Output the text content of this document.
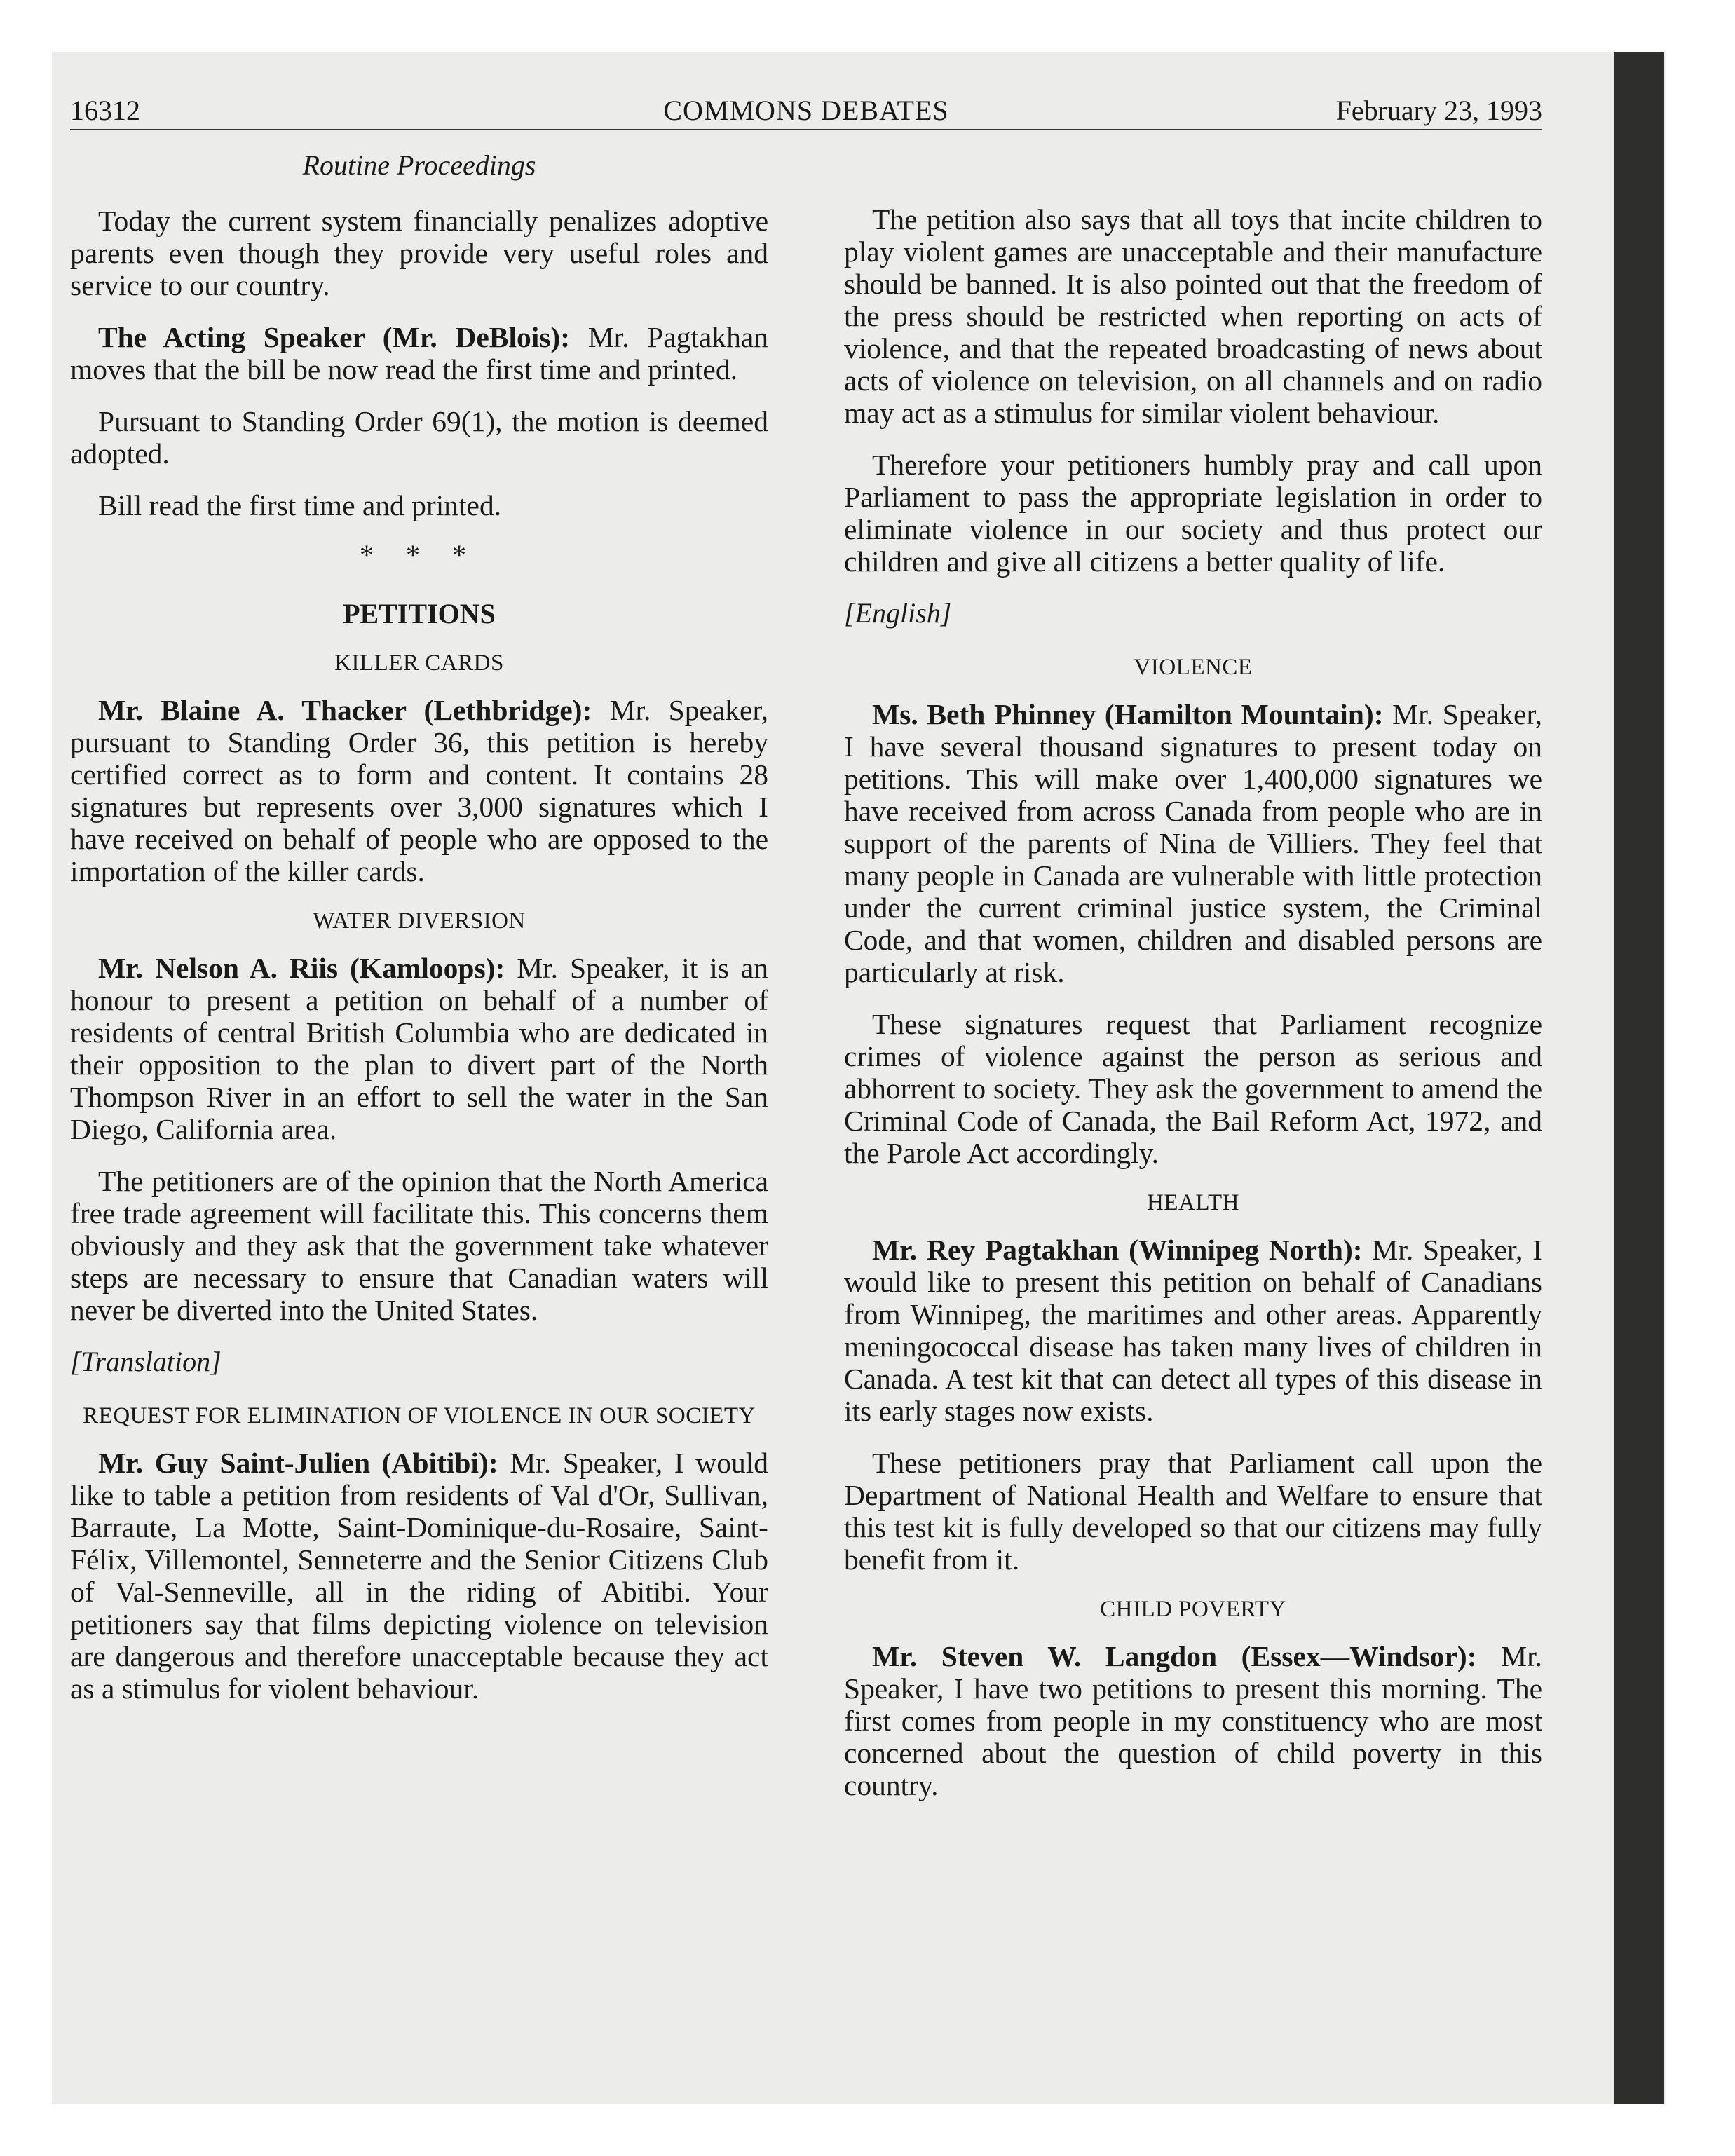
COMMONS DEBATES
16312	February 23, 1993
Routine Proceedings

Today the current system financially penalizes adoptive parents even though they provide very useful roles and service to our country.

The Acting Speaker (Mr. DeBlois): Mr. Pagtakhan moves that the bill be now read the first time and printed.

Pursuant to Standing Order 69(1), the motion is deemed adopted.

Bill read the first time and printed.

* * *
PETITIONS
KILLER CARDS

Mr. Blaine A. Thacker (Lethbridge): Mr. Speaker, pursuant to Standing Order 36, this petition is hereby certified correct as to form and content. It contains 28 signatures but represents over 3,000 signatures which I have received on behalf of people who are opposed to the importation of the killer cards.

WATER DIVERSION

Mr. Nelson A. Riis (Kamloops): Mr. Speaker, it is an honour to present a petition on behalf of a number of residents of central British Columbia who are dedicated in their opposition to the plan to divert part of the North Thompson River in an effort to sell the water in the San Diego, California area.

The petitioners are of the opinion that the North America free trade agreement will facilitate this. This concerns them obviously and they ask that the government take whatever steps are necessary to ensure that Canadian waters will never be diverted into the United States.

[Translation]
REQUEST FOR ELIMINATION OF VIOLENCE IN OUR SOCIETY

Mr. Guy Saint-Julien (Abitibi): Mr. Speaker, I would like to table a petition from residents of Val d'Or, Sullivan, Barraute, La Motte, Saint-Dominique-du-Rosaire, Saint-Félix, Villemontel, Senneterre and the Senior Citizens Club of Val-Senneville, all in the riding of Abitibi. Your petitioners say that films depicting violence on television are dangerous and therefore unacceptable because they act as a stimulus for violent behaviour.

The petition also says that all toys that incite children to play violent games are unacceptable and their manufacture should be banned. It is also pointed out that the freedom of the press should be restricted when reporting on acts of violence, and that the repeated broadcasting of news about acts of violence on television, on all channels and on radio may act as a stimulus for similar violent behaviour.

Therefore your petitioners humbly pray and call upon Parliament to pass the appropriate legislation in order to eliminate violence in our society and thus protect our children and give all citizens a better quality of life.

[English]
VIOLENCE

Ms. Beth Phinney (Hamilton Mountain): Mr. Speaker, I have several thousand signatures to present today on petitions. This will make over 1,400,000 signatures we have received from across Canada from people who are in support of the parents of Nina de Villiers. They feel that many people in Canada are vulnerable with little protection under the current criminal justice system, the Criminal Code, and that women, children and disabled persons are particularly at risk.

These signatures request that Parliament recognize crimes of violence against the person as serious and abhorrent to society. They ask the government to amend the Criminal Code of Canada, the Bail Reform Act, 1972, and the Parole Act accordingly.

HEALTH

Mr. Rey Pagtakhan (Winnipeg North): Mr. Speaker, I would like to present this petition on behalf of Canadians from Winnipeg, the maritimes and other areas. Apparently meningococcal disease has taken many lives of children in Canada. A test kit that can detect all types of this disease in its early stages now exists.

These petitioners pray that Parliament call upon the Department of National Health and Welfare to ensure that this test kit is fully developed so that our citizens may fully benefit from it.

CHILD POVERTY

Mr. Steven W. Langdon (Essex—Windsor): Mr. Speaker, I have two petitions to present this morning. The first comes from people in my constituency who are most concerned about the question of child poverty in this country.
